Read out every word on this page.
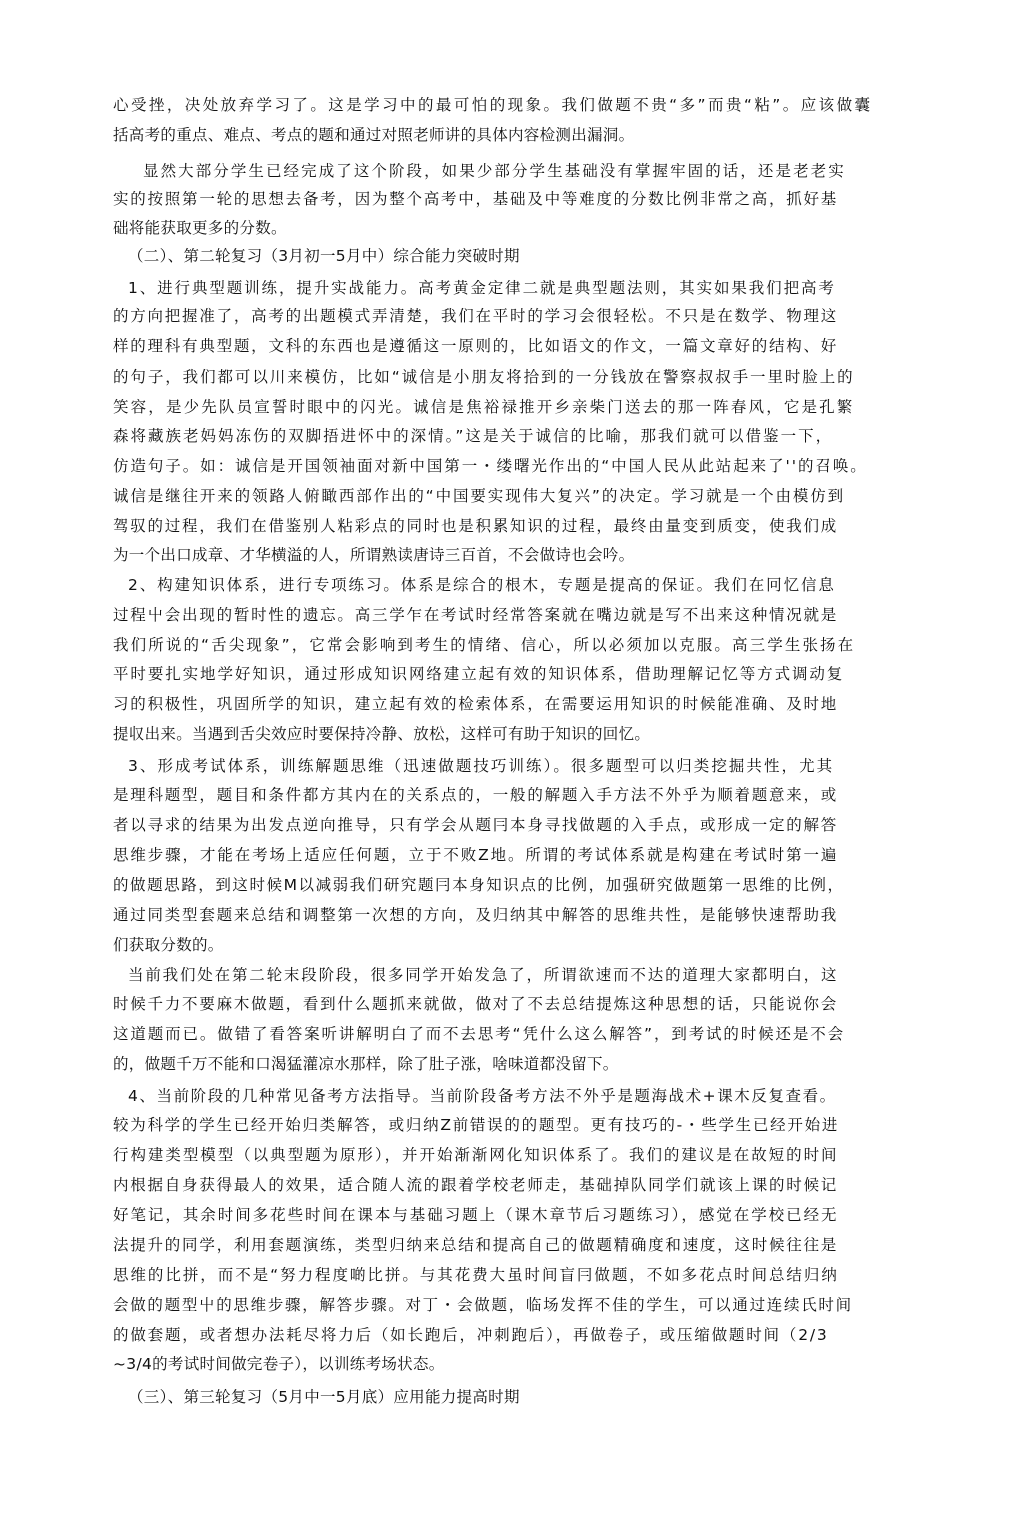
心受挫，决处放弃学习了。这是学习中的最可怕的现象。我们做题不贵“多”而贵“粘”。应该做囊
括高考的重点、难点、考点的题和通过对照老师讲的具体内容检测出漏洞。
显然大部分学生已经完成了这个阶段，如果少部分学生基础没有掌握牢固的话，还是老老实
实的按照第一轮的思想去备考，因为整个高考中，基础及中等难度的分数比例非常之高，抓好基
础将能获取更多的分数。
（二）、第二轮复习（3月初一5月中）综合能力突破时期
1、进行典型题训练，提升实战能力。高考黄金定律二就是典型题法则，其实如果我们把高考
的方向把握准了，高考的出题模式弄清楚，我们在平时的学习会很轻松。不只是在数学、物理这
样的理科有典型题，文科的东西也是遵循这一原则的，比如语文的作文，一篇文章好的结构、好
的句子，我们都可以川来模仿，比如“诚信是小朋友将拾到的一分钱放在警察叔叔手一里时脸上的
笑容，是少先队员宣誓时眼中的闪光。诚信是焦裕禄推开乡亲柴门送去的那一阵春风，它是孔繁
森将藏族老妈妈冻伤的双脚捂进怀中的深情。”这是关于诚信的比喻，那我们就可以借鉴一下，
仿造句子。如：诚信是开国领袖面对新中国第一・缕曙光作出的“中国人民从此站起来了''的召唤。
诚信是继往开来的领路人俯瞰西部作出的“中国要实现伟大复兴”的决定。学习就是一个由模仿到
驾驭的过程，我们在借鉴别人粘彩点的同时也是积累知识的过程，最终由量变到质变，使我们成
为一个出口成章、才华横溢的人，所谓熟读唐诗三百首，不会做诗也会吟。
2、构建知识体系，进行专项练习。体系是综合的根木，专题是提高的保证。我们在冋忆信息
过程屮会出现的暂时性的遗忘。高三学乍在考试时经常答案就在嘴边就是写不出来这种情况就是
我们所说的“舌尖现象”，它常会影响到考生的情绪、信心，所以必须加以克服。高三学生张扬在
平时要扎实地学好知识，通过形成知识网络建立起有效的知识体系，借助理解记忆等方式调动复
习的积极性，巩固所学的知识，建立起有效的检索体系，在需要运用知识的时候能准确、及时地
提収出来。当遇到舌尖效应时要保持冷静、放松，这样可有助于知识的回忆。
3、形成考试体系，训练解题思维（迅速做题技巧训练）。很多题型可以归类挖掘共性，尤其
是理科题型，题目和条件都方其内在的关系点的，一般的解题入手方法不外乎为顺着题意来，或
者以寻求的结果为出发点逆向推导，只有学会从题冃本身寻找做题的入手点，或形成一定的解答
思维步骤，才能在考场上适应任何题，立于不败Z地。所谓的考试体系就是构建在考试时第一遍
的做题思路，到这时候M以减弱我们研究题冃本身知识点的比例，加强研究做题第一思维的比例，
通过同类型套题来总结和调整第一次想的方向，及归纳其中解答的思维共性，是能够快速帮助我
们获取分数的。
当前我们处在第二轮末段阶段，很多同学开始发急了，所谓欲速而不达的道理大家都明白，这
时候千力不要麻木做题，看到什么题抓来就做，做对了不去总结提炼这种思想的话，只能说你会
这道题而已。做错了看答案听讲解明白了而不去思考“凭什么这么解答”，到考试的时候还是不会
的，做题千万不能和口渴猛灌凉水那样，除了肚子涨，啥味道都没留下。
4、当前阶段的几种常见备考方法指导。当前阶段备考方法不外乎是题海战术+课木反复查看。
较为科学的学生已经开始归类解答，或归纳Z前错误的的题型。更有技巧的-・些学生已经开始进
行构建类型模型（以典型题为原形），并开始渐渐网化知识体系了。我们的建议是在故短的时间
内根据自身获得最人的效果，适合随人流的跟着学校老师走，基础掉队同学们就该上课的时候记
好笔记，其余时间多花些时间在课本与基础习题上（课木章节后习题练习），感觉在学校已经无
法提升的同学，利用套题演练，类型归纳来总结和提高自己的做题精确度和速度，这时候往往是
思维的比拼，而不是“努力程度啲比拼。与其花费大虽时间盲冃做题，不如多花点时间总结归纳
会做的题型屮的思维步骤，解答步骤。对丁・会做题，临场发挥不佳的学生，可以通过连续氏时间
的做套题，或者想办法耗尽将力后（如长跑后，冲刺跑后），再做卷子，或压缩做题时间（2/3
~3/4的考试时间做完卷子），以训练考场状态。
（三）、第三轮复习（5月中一5月底）应用能力提高时期
